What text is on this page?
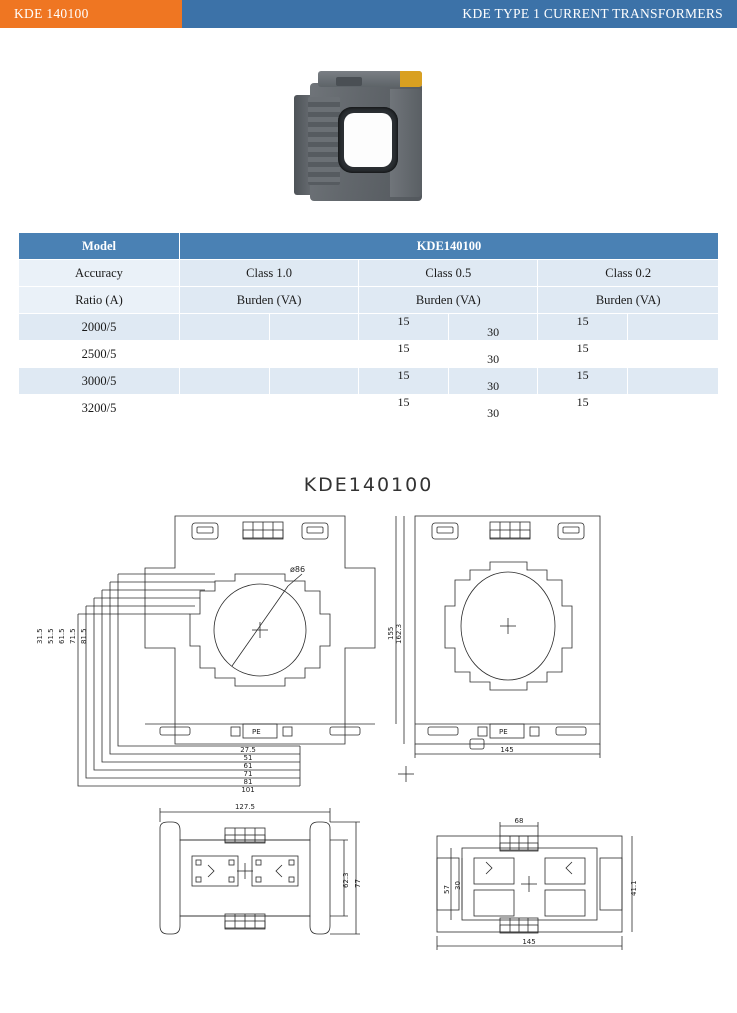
KDE 140100	KDE TYPE 1 CURRENT TRANSFORMERS
Model	KDE140100					
Accuracy	Class 1.0		Class 0.5		Class 0.2	
Ratio (A)	Burden (VA)		Burden (VA)		Burden (VA)	
2000/5			15	30	15	
2500/5			15	30	15	
3000/5			15	30	15	
3200/5			15	30	15	
KDE140100
31.5 51.5 61.5 71.5 81.5
ø86
PE
27.5
51
61
71
81
101
162.3
155
145
PE
127.5
62.3 77
68
57 30	41.1
145
